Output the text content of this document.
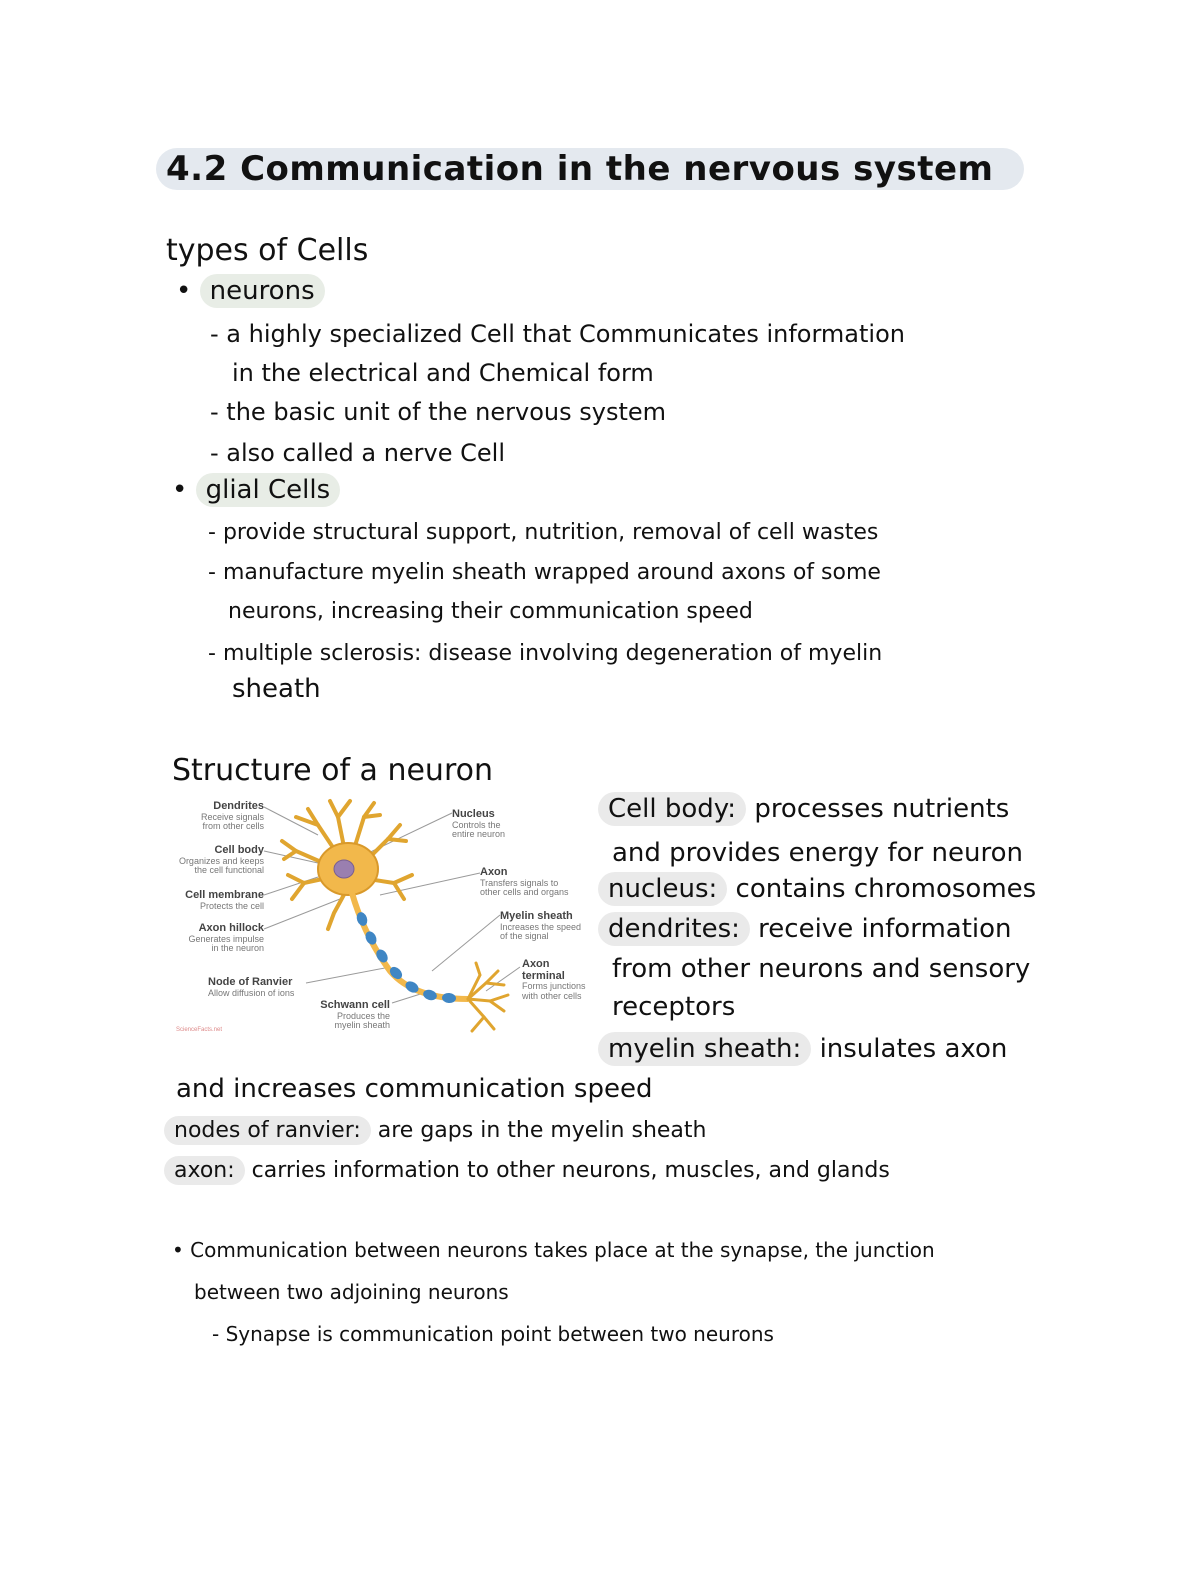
4.2 Communication in the nervous system
types of Cells
• neurons
- a highly specialized Cell that Communicates information
in the electrical and Chemical form
- the basic unit of the nervous system
- also called a nerve Cell
• glial Cells
- provide structural support, nutrition, removal of cell wastes
- manufacture myelin sheath wrapped around axons of some
neurons, increasing their communication speed
- multiple sclerosis: disease involving degeneration of myelin
sheath
Structure of a neuron
Dendrites
Receive signals
from other cells
Cell body
Organizes and keeps
the cell functional
Cell membrane
Protects the cell
Axon hillock
Generates impulse
in the neuron
Node of Ranvier
Allow diffusion of ions
Schwann cell
Produces the
myelin sheath
Nucleus
Controls the
entire neuron
Axon
Transfers signals to
other cells and organs
Myelin sheath
Increases the speed
of the signal
Axon
terminal
Forms junctions
with other cells
ScienceFacts.net
Cell body: processes nutrients
and provides energy for neuron
nucleus: contains chromosomes
dendrites: receive information
from other neurons and sensory
receptors
myelin sheath: insulates axon
and increases communication speed
nodes of ranvier: are gaps in the myelin sheath
axon: carries information to other neurons, muscles, and glands
• Communication between neurons takes place at the synapse, the junction
between two adjoining neurons
- Synapse is communication point between two neurons
